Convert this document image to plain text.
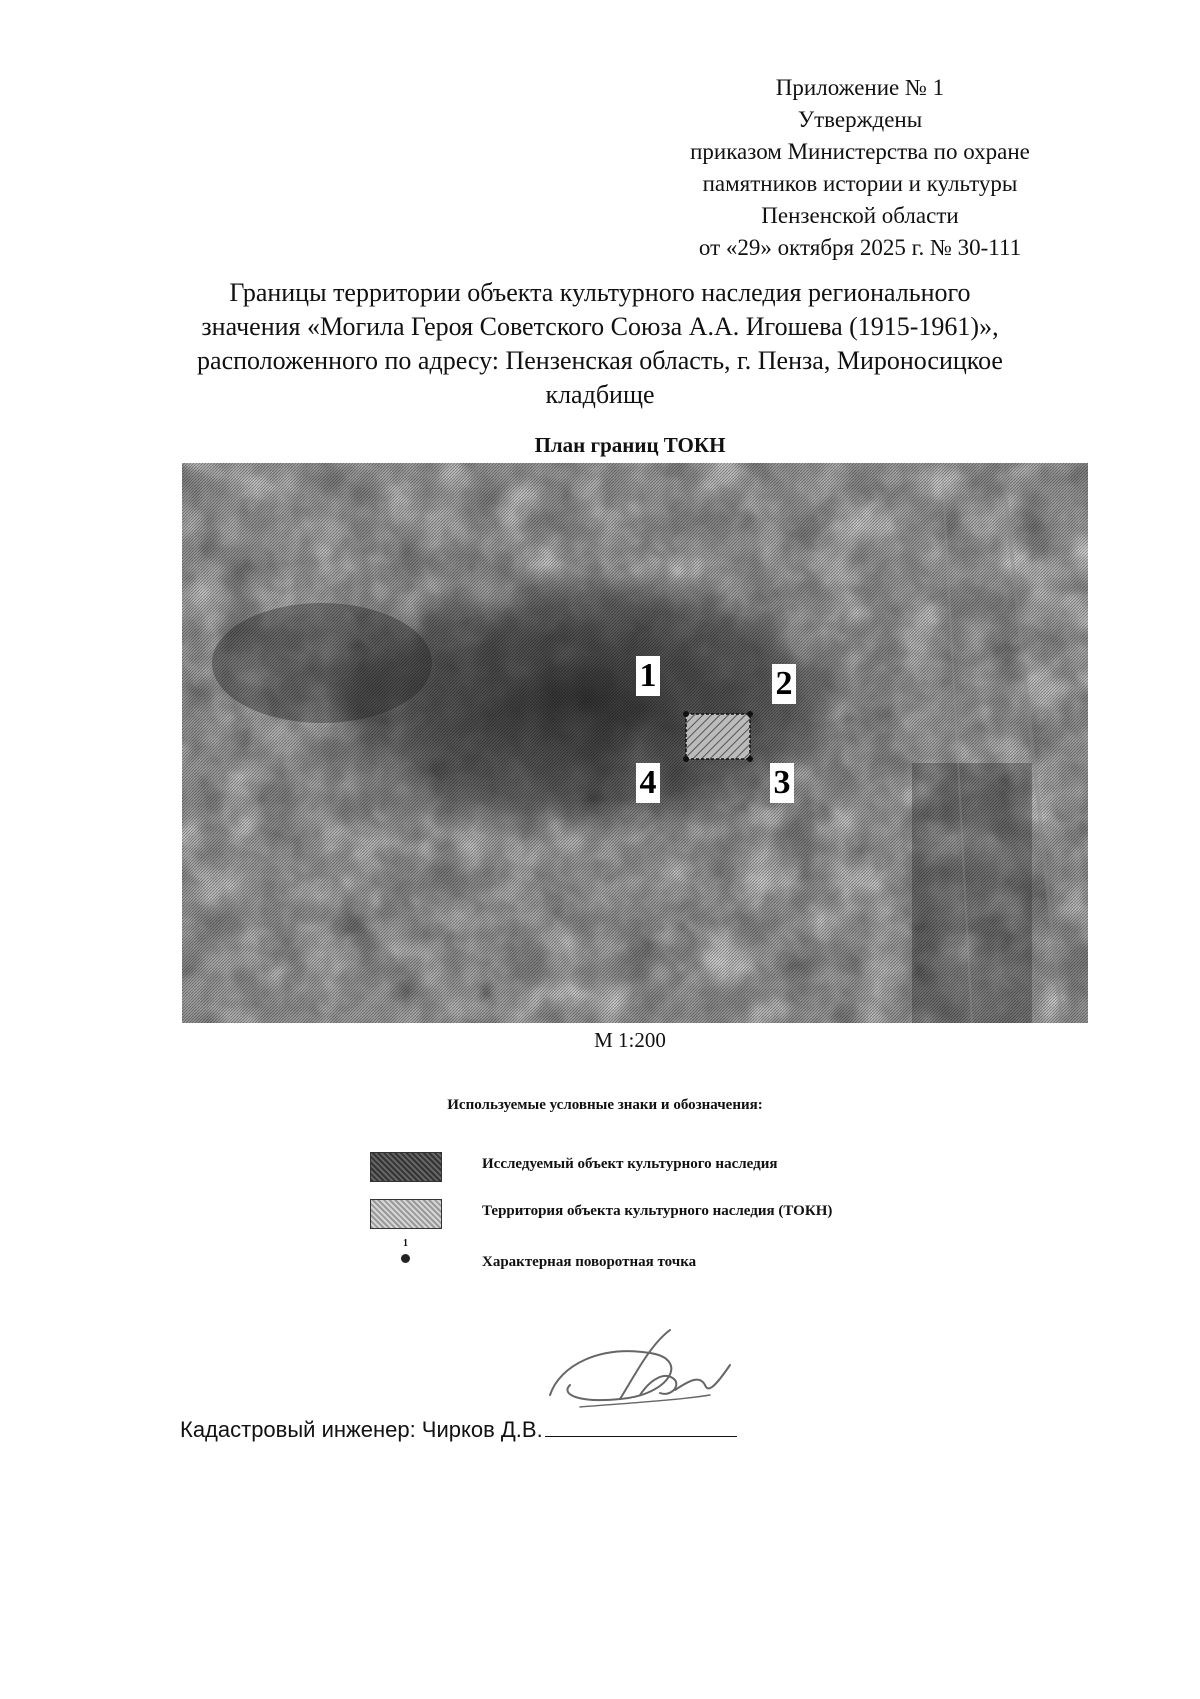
Приложение № 1
Утверждены
приказом Министерства по охране
памятников истории и культуры
Пензенской области
от «29» октября 2025 г. № 30-111
Границы территории объекта культурного наследия регионального
значения «Могила Героя Советского Союза А.А. Игошева (1915-1961)»,
расположенного по адресу: Пензенская область, г. Пенза, Мироносицкое
кладбище
План границ ТОКН
1	2
3
4
М 1:200
Используемые условные знаки и обозначения:
Исследуемый объект культурного наследия
Территория объекта культурного наследия (ТОКН)
1
Характерная поворотная точка
Кадастровый инженер: Чирков Д.В.
